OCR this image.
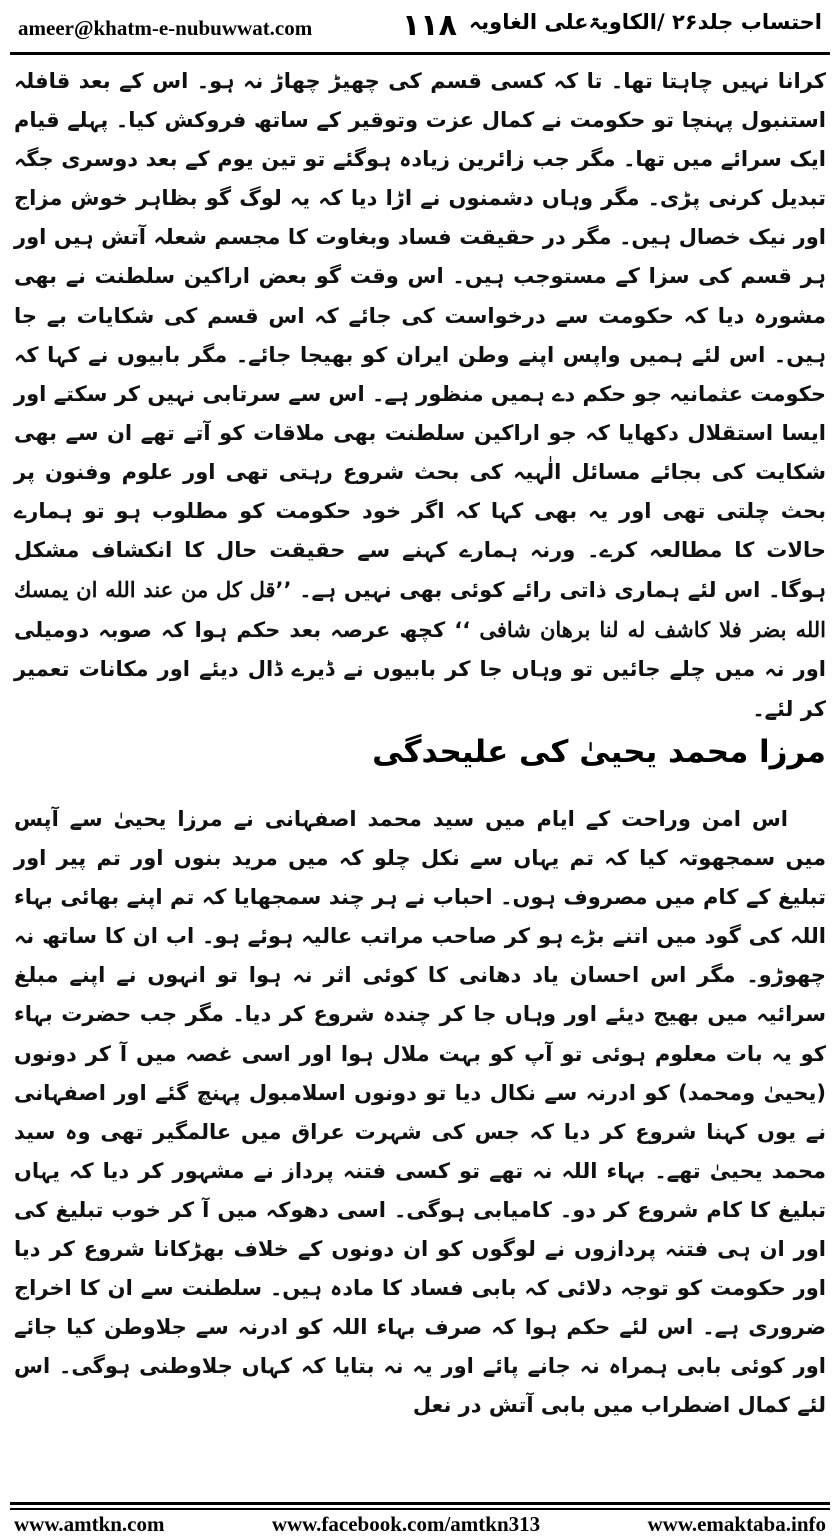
ameer@khatm-e-nubuwwat.com	۱۱۸ احتساب جلد۲۶ /الکاویۃعلی الغاویہ
کرانا نہیں چاہتا تھا۔ تا کہ کسی قسم کی چھیڑ چھاڑ نہ ہو۔ اس کے بعد قافلہ استنبول پہنچا تو حکومت نے کمال عزت وتوقیر کے ساتھ فروکش کیا۔ پہلے قیام ایک سرائے میں تھا۔ مگر جب زائرین زیادہ ہوگئے تو تین یوم کے بعد دوسری جگہ تبدیل کرنی پڑی۔ مگر وہاں دشمنوں نے اڑا دیا کہ یہ لوگ گو بظاہر خوش مزاج اور نیک خصال ہیں۔ مگر در حقیقت فساد وبغاوت کا مجسم شعلہ آتش ہیں اور ہر قسم کی سزا کے مستوجب ہیں۔ اس وقت گو بعض اراکین سلطنت نے بھی مشورہ دیا کہ حکومت سے درخواست کی جائے کہ اس قسم کی شکایات بے جا ہیں۔ اس لئے ہمیں واپس اپنے وطن ایران کو بھیجا جائے۔ مگر بابیوں نے کہا کہ حکومت عثمانیہ جو حکم دے ہمیں منظور ہے۔ اس سے سرتابی نہیں کر سکتے اور ایسا استقلال دکھایا کہ جو اراکین سلطنت بھی ملاقات کو آتے تھے ان سے بھی شکایت کی بجائے مسائل الٰہیہ کی بحث شروع رہتی تھی اور علوم وفنون پر بحث چلتی تھی اور یہ بھی کہا کہ اگر خود حکومت کو مطلوب ہو تو ہمارے حالات کا مطالعہ کرے۔ ورنہ ہمارے کہنے سے حقیقت حال کا انکشاف مشکل ہوگا۔ اس لئے ہماری ذاتی رائے کوئی بھی نہیں ہے۔ ’’قل كل من عند الله ان يمسك الله بضر فلا كاشف له لنا برهان شافى ‘‘ کچھ عرصہ بعد حکم ہوا کہ صوبہ دومیلی اور نہ میں چلے جائیں تو وہاں جا کر بابیوں نے ڈیرے ڈال دیئے اور مکانات تعمیر کر لئے۔
مرزا محمد یحییٰ کی علیحدگی
اس امن وراحت کے ایام میں سید محمد اصفہانی نے مرزا یحییٰ سے آپس میں سمجھوتہ کیا کہ تم یہاں سے نکل چلو کہ میں مرید بنوں اور تم پیر اور تبلیغ کے کام میں مصروف ہوں۔ احباب نے ہر چند سمجھایا کہ تم اپنے بھائی بہاء اللہ کی گود میں اتنے بڑے ہو کر صاحب مراتب عالیہ ہوئے ہو۔ اب ان کا ساتھ نہ چھوڑو۔ مگر اس احسان یاد دھانی کا کوئی اثر نہ ہوا تو انہوں نے اپنے مبلغ سرائیہ میں بھیج دیئے اور وہاں جا کر چندہ شروع کر دیا۔ مگر جب حضرت بہاء کو یہ بات معلوم ہوئی تو آپ کو بہت ملال ہوا اور اسی غصہ میں آ کر دونوں (یحییٰ ومحمد) کو ادرنہ سے نکال دیا تو دونوں اسلامبول پہنچ گئے اور اصفہانی نے یوں کہنا شروع کر دیا کہ جس کی شہرت عراق میں عالمگیر تھی وہ سید محمد یحییٰ تھے۔ بہاء اللہ نہ تھے تو کسی فتنہ پرداز نے مشہور کر دیا کہ یہاں تبلیغ کا کام شروع کر دو۔ کامیابی ہوگی۔ اسی دھوکہ میں آ کر خوب تبلیغ کی اور ان ہی فتنہ پردازوں نے لوگوں کو ان دونوں کے خلاف بھڑکانا شروع کر دیا اور حکومت کو توجہ دلائی کہ بابی فساد کا مادہ ہیں۔ سلطنت سے ان کا اخراج ضروری ہے۔ اس لئے حکم ہوا کہ صرف بہاء اللہ کو ادرنہ سے جلاوطن کیا جائے اور کوئی بابی ہمراہ نہ جانے پائے اور یہ نہ بتایا کہ کہاں جلاوطنی ہوگی۔ اس لئے کمال اضطراب میں بابی آتش در نعل
www.amtkn.com	www.facebook.com/amtkn313	www.emaktaba.info
